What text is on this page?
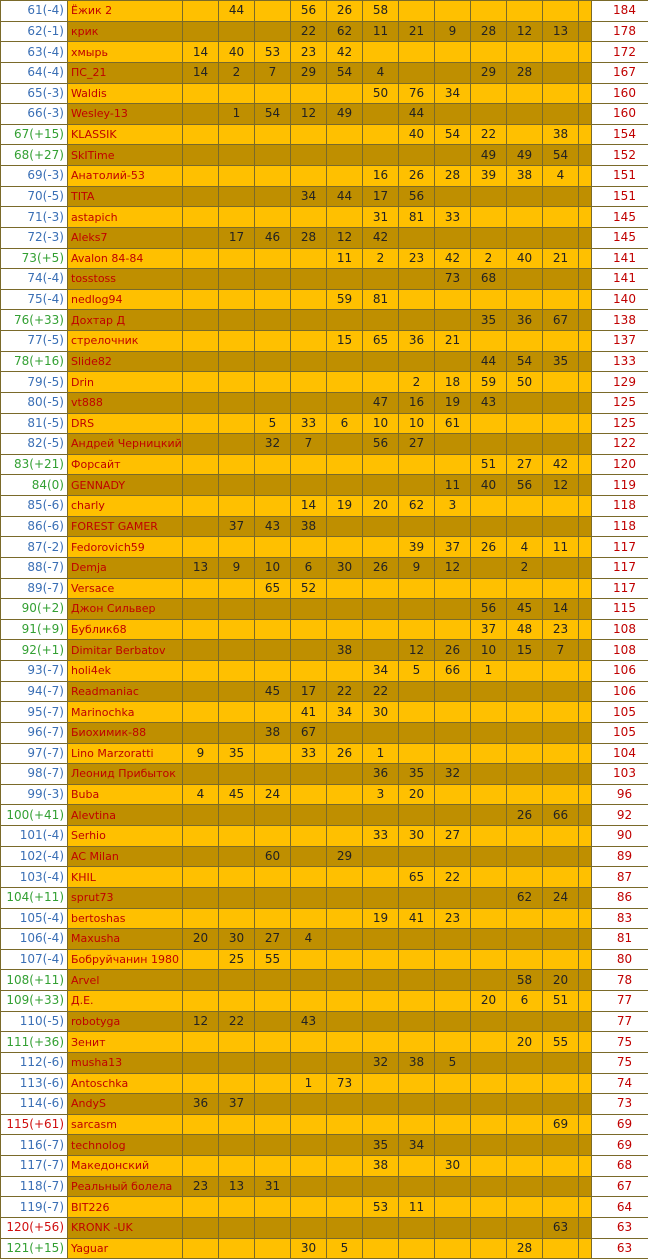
61(-4)	Ёжик 2		44		56	26	58							184
62(-1)	крик				22	62	11	21	9	28	12	13		178
63(-4)	хмырь	14	40	53	23	42								172
64(-4)	ПС_21	14	2	7	29	54	4			29	28			167
65(-3)	Waldis						50	76	34					160
66(-3)	Wesley-13		1	54	12	49		44						160
67(+15)	KLASSIK							40	54	22		38		154
68(+27)	SkITime									49	49	54		152
69(-3)	Анатолий-53						16	26	28	39	38	4		151
70(-5)	TITA				34	44	17	56						151
71(-3)	astapich						31	81	33					145
72(-3)	Aleks7		17	46	28	12	42							145
73(+5)	Avalon 84-84					11	2	23	42	2	40	21		141
74(-4)	tosstoss								73	68				141
75(-4)	nedlog94					59	81							140
76(+33)	Дохтар Д									35	36	67		138
77(-5)	стрелочник					15	65	36	21					137
78(+16)	Slide82									44	54	35		133
79(-5)	Drin							2	18	59	50			129
80(-5)	vt888						47	16	19	43				125
81(-5)	DRS			5	33	6	10	10	61					125
82(-5)	Андрей Черницкий			32	7		56	27						122
83(+21)	Форсайт									51	27	42		120
84(0)	GENNADY								11	40	56	12		119
85(-6)	charly				14	19	20	62	3					118
86(-6)	FOREST GAMER		37	43	38									118
87(-2)	Fedorovich59							39	37	26	4	11		117
88(-7)	Demja	13	9	10	6	30	26	9	12		2			117
89(-7)	Versace			65	52									117
90(+2)	Джон Сильвер									56	45	14		115
91(+9)	Бублик68									37	48	23		108
92(+1)	Dimitar Berbatov					38		12	26	10	15	7		108
93(-7)	holi4ek						34	5	66	1				106
94(-7)	Readmaniac			45	17	22	22							106
95(-7)	Marinochka				41	34	30							105
96(-7)	Биохимик-88			38	67									105
97(-7)	Lino Marzoratti	9	35		33	26	1							104
98(-7)	Леонид Прибыток						36	35	32					103
99(-3)	Buba	4	45	24			3	20						96
100(+41)	Alevtina										26	66		92
101(-4)	Serhio						33	30	27					90
102(-4)	AC Milan			60		29								89
103(-4)	KHIL							65	22					87
104(+11)	sprut73										62	24		86
105(-4)	bertoshas						19	41	23					83
106(-4)	Maxusha	20	30	27	4									81
107(-4)	Бобруйчанин 1980		25	55										80
108(+11)	Arvel										58	20		78
109(+33)	Д.Е.									20	6	51		77
110(-5)	robotyga	12	22		43									77
111(+36)	Зенит										20	55		75
112(-6)	musha13						32	38	5					75
113(-6)	Antoschka				1	73								74
114(-6)	AndyS	36	37											73
115(+61)	sarcasm											69		69
116(-7)	technolog						35	34						69
117(-7)	Македонский						38		30					68
118(-7)	Реальный болела	23	13	31										67
119(-7)	BIT226						53	11						64
120(+56)	KRONK -UK											63		63
121(+15)	Yaguar				30	5					28			63
